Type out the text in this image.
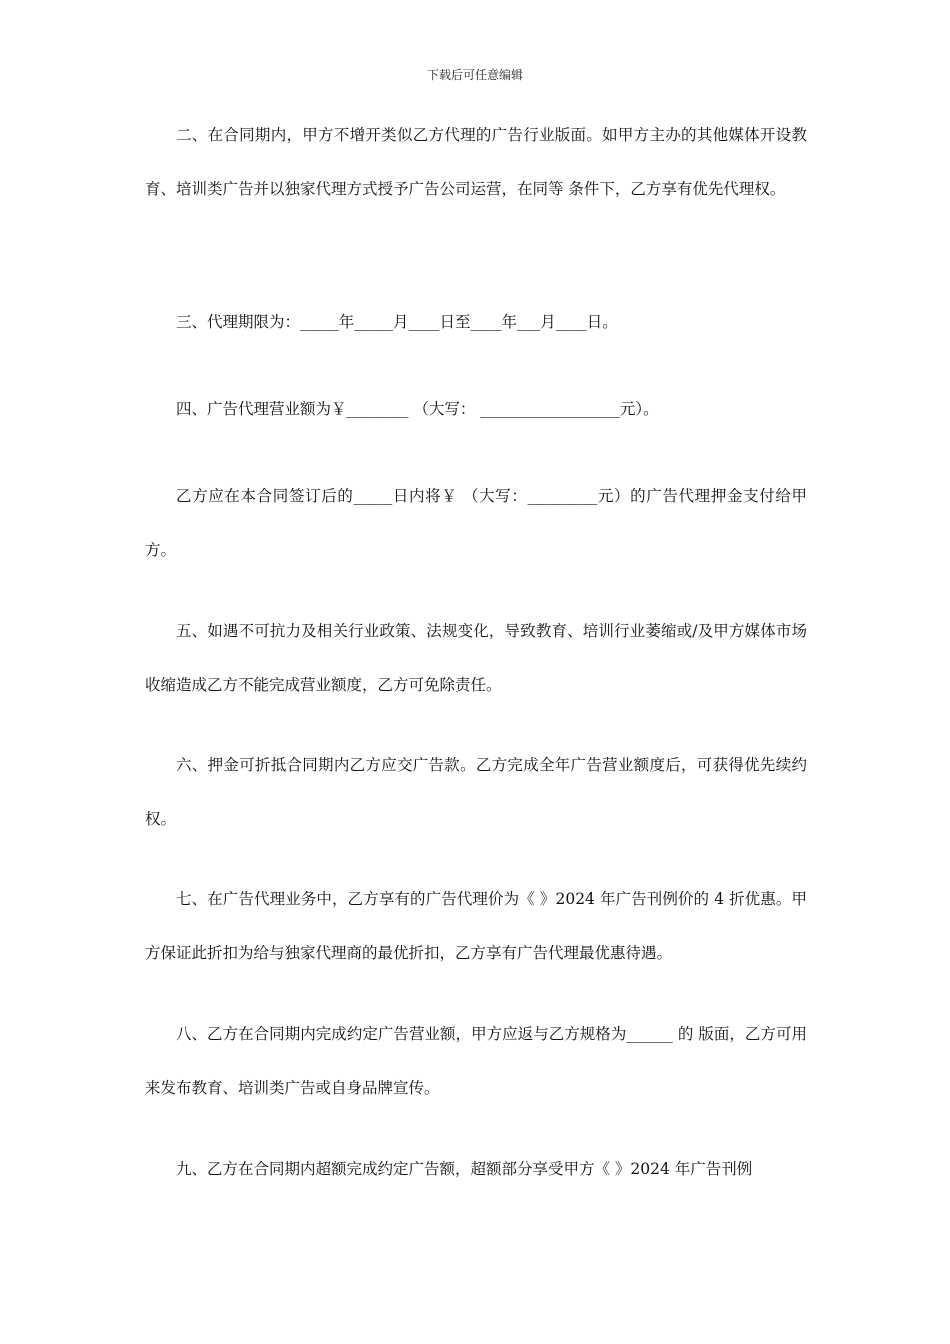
下载后可任意编辑

二、在合同期内，甲方不增开类似乙方代理的广告行业版面。如甲方主办的其他媒体开设教育、培训类广告并以独家代理方式授予广告公司运营，在同等 条件下，乙方享有优先代理权。

三、代理期限为：_____年_____月____日至____年___月____日。

四、广告代理营业额为￥________ （大写： __________________元）。

乙方应在本合同签订后的_____日内将￥ （大写：_________元）的广告代理押金支付给甲方。

五、如遇不可抗力及相关行业政策、法规变化，导致教育、培训行业萎缩或/及甲方媒体市场收缩造成乙方不能完成营业额度，乙方可免除责任。

六、押金可折抵合同期内乙方应交广告款。乙方完成全年广告营业额度后，可获得优先续约权。

七、在广告代理业务中，乙方享有的广告代理价为《 》2024 年广告刊例价的 4 折优惠。甲方保证此折扣为给与独家代理商的最优折扣，乙方享有广告代理最优惠待遇。

八、乙方在合同期内完成约定广告营业额，甲方应返与乙方规格为______ 的 版面，乙方可用来发布教育、培训类广告或自身品牌宣传。

九、乙方在合同期内超额完成约定广告额，超额部分享受甲方《 》2024 年广告刊例
